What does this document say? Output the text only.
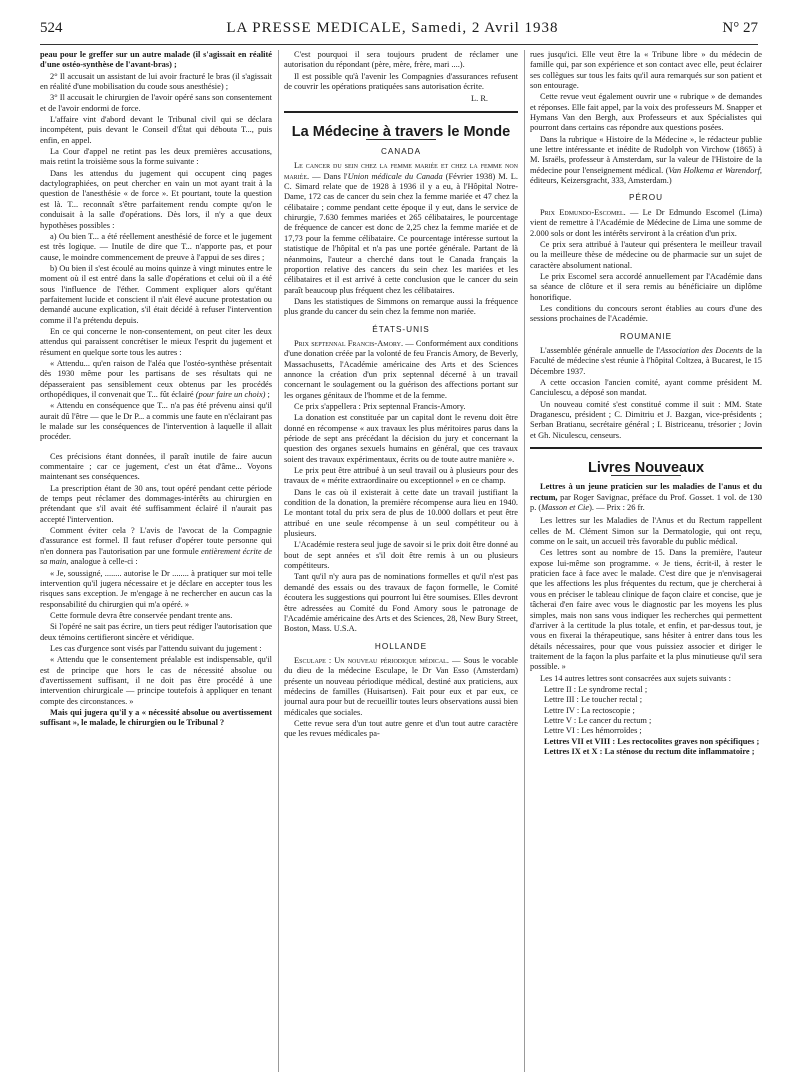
524	LA PRESSE MEDICALE, Samedi, 2 Avril 1938	N° 27

peau pour le greffer sur un autre malade (il s'agissait en réalité d'une ostéo-synthèse de l'avant-bras) ;

2° Il accusait un assistant de lui avoir fracturé le bras (il s'agissait en réalité d'une mobilisation du coude sous anesthésie) ;

3° Il accusait le chirurgien de l'avoir opéré sans son consentement et de l'avoir endormi de force.

L'affaire vint d'abord devant le Tribunal civil qui se déclara incompétent, puis devant le Conseil d'État qui débouta T..., puis enfin, en appel.

La Cour d'appel ne retint pas les deux premières accusations, mais retint la troisième sous la forme suivante :

Dans les attendus du jugement qui occupent cinq pages dactylographiées, on peut chercher en vain un mot ayant trait à la question de l'anesthésie « de force ». Et pourtant, toute la question est là. T... reconnaît s'être parfaitement rendu compte qu'on le conduisait à la salle d'opérations. Dès lors, il n'y a que deux hypothèses possibles :

a) Ou bien T... a été réellement anesthésié de force et le jugement est très logique. — Inutile de dire que T... n'apporte pas, et pour cause, le moindre commencement de preuve à l'appui de ses dires ;

b) Ou bien il s'est écoulé au moins quinze à vingt minutes entre le moment où il est entré dans la salle d'opérations et celui où il a été sous l'influence de l'éther. Comment expliquer alors qu'étant parfaitement lucide et conscient il n'ait élevé aucune protestation ou demandé aucune explication, s'il était décidé à refuser l'intervention comme il l'a prétendu depuis.

En ce qui concerne le non-consentement, on peut citer les deux attendus qui paraissent concrétiser le mieux l'esprit du jugement et résument en quelque sorte tous les autres :

« Attendu... qu'en raison de l'aléa que l'ostéo-synthèse présentait dès 1930 même pour les partisans de ses résultats qui ne dépasseraient pas sensiblement ceux obtenus par les procédés orthopédiques, il convenait que T... fût éclairé (pour faire un choix) ;

« Attendu en conséquence que T... n'a pas été prévenu ainsi qu'il aurait dû l'être — que le Dr P... a commis une faute en n'éclairant pas le malade sur les conséquences de l'intervention à laquelle il allait procéder.

Ces précisions étant données, il paraît inutile de faire aucun commentaire ; car ce jugement, c'est un état d'âme... Voyons maintenant ses conséquences.

La prescription étant de 30 ans, tout opéré pendant cette période de temps peut réclamer des dommages-intérêts au chirurgien en prétendant que s'il avait été suffisamment éclairé il n'aurait pas accepté l'intervention.

Comment éviter cela ? L'avis de l'avocat de la Compagnie d'assurance est formel. Il faut refuser d'opérer toute personne qui n'en donnera pas l'autorisation par une formule entièrement écrite de sa main, analogue à celle-ci :

« Je, soussigné, ........ autorise le Dr ........ à pratiquer sur moi telle intervention qu'il jugera nécessaire et je déclare en accepter tous les risques sans exception. Je m'engage à ne rechercher en aucun cas la responsabilité du chirurgien qui m'a opéré. »

Cette formule devra être conservée pendant trente ans.

Si l'opéré ne sait pas écrire, un tiers peut rédiger l'autorisation que deux témoins certifieront sincère et véridique.

Les cas d'urgence sont visés par l'attendu suivant du jugement :

« Attendu que le consentement préalable est indispensable, qu'il est de principe que hors le cas de nécessité absolue ou d'avertissement suffisant, il ne doit pas être procédé à une intervention chirurgicale — principe toutefois à appliquer en tenant compte des circonstances. »

Mais qui jugera qu'il y a « nécessité absolue ou avertissement suffisant », le malade, le chirurgien ou le Tribunal ?

C'est pourquoi il sera toujours prudent de réclamer une autorisation du répondant (père, mère, frère, mari ....).

Il est possible qu'à l'avenir les Compagnies d'assurances refusent de couvrir les opérations pratiquées sans autorisation écrite.

L. R.
La Médecine à travers le Monde
CANADA

Le cancer du sein chez la femme mariée et chez la femme non mariée. — Dans l'Union médicale du Canada (Février 1938) M. L. C. Simard relate que de 1928 à 1936 il y a eu, à l'Hôpital Notre-Dame, 172 cas de cancer du sein chez la femme mariée et 47 chez la célibataire ; comme pendant cette époque il y eut, dans le service de chirurgie, 7.630 femmes mariées et 265 célibataires, le pourcentage de fréquence de cancer est donc de 2,25 chez la femme mariée et de 17,73 pour la femme célibataire. Ce pourcentage intéresse surtout la statistique de l'hôpital et n'a pas une portée générale. Partant de là néanmoins, l'auteur a cherché dans tout le Canada français la proportion relative des cancers du sein chez les mariées et les célibataires et il est arrivé à cette conclusion que le cancer du sein paraît beaucoup plus fréquent chez les célibataires.

Dans les statistiques de Simmons on remarque aussi la fréquence plus grande du cancer du sein chez la femme non mariée.

ÉTATS-UNIS

Prix septennal Francis-Amory. — Conformément aux conditions d'une donation créée par la volonté de feu Francis Amory, de Beverly, Massachusetts, l'Académie américaine des Arts et des Sciences annonce la création d'un prix septennal décerné à un travail concernant le soulagement ou la guérison des affections portant sur les organes génitaux de l'homme et de la femme.

Ce prix s'appellera : Prix septennal Francis-Amory.

La donation est constituée par un capital dont le revenu doit être donné en récompense « aux travaux les plus méritoires parus dans la période de sept ans précédant la décision du jury et concernant la question des organes sexuels humains en général, que ces travaux soient des travaux expérimentaux, écrits ou de toute autre manière ».

Le prix peut être attribué à un seul travail ou à plusieurs pour des travaux de « mérite extraordinaire ou exceptionnel » en ce champ.

Dans le cas où il existerait à cette date un travail justifiant la condition de la donation, la première récompense aura lieu en 1940. Le montant total du prix sera de plus de 10.000 dollars et peut être attribué en une seule récompense à un seul compétiteur ou à plusieurs.

L'Académie restera seul juge de savoir si le prix doit être donné au bout de sept années et s'il doit être remis à un ou plusieurs compétiteurs.

Tant qu'il n'y aura pas de nominations formelles et qu'il n'est pas demandé des essais ou des travaux de façon formelle, le Comité écoutera les suggestions qui pourront lui être soumises. Elles devront être adressées au Comité du Fond Amory sous le patronage de l'Académie américaine des Arts et des Sciences, 28, New Bury Street, Boston, Mass. U.S.A.

HOLLANDE

Esculape : Un nouveau périodique médical. — Sous le vocable du dieu de la médecine Esculape, le Dr Van Esso (Amsterdam) présente un nouveau périodique médical, destiné aux praticiens, aux médecins de familles (Huisartsen). Fait pour eux et par eux, ce journal aura pour but de recueillir toutes leurs observations aussi bien médicales que sociales.

Cette revue sera d'un tout autre genre et d'un tout autre caractère que les revues médicales pa-

rues jusqu'ici. Elle veut être la « Tribune libre » du médecin de famille qui, par son expérience et son contact avec elle, peut éclairer ses collègues sur tous les faits qu'il aura remarqués sur son patient et son entourage.

Cette revue veut également ouvrir une « rubrique » de demandes et réponses. Elle fait appel, par la voix des professeurs M. Snapper et Hymans Van den Bergh, aux Professeurs et aux Spécialistes qui pourront dans certains cas répondre aux questions posées.

Dans la rubrique « Histoire de la Médecine », le rédacteur publie une lettre intéressante et inédite de Rudolph von Virchow (1865) à M. Israëls, professeur à Amsterdam, sur la valeur de l'Histoire de la médecine pour l'enseignement médical. (Van Holkema et Warendorf, éditeurs, Keizersgracht, 333, Amsterdam.)

PÉROU

Prix Edmundo-Escomel. — Le Dr Edmundo Escomel (Lima) vient de remettre à l'Académie de Médecine de Lima une somme de 2.000 sols or dont les intérêts serviront à la création d'un prix.

Ce prix sera attribué à l'auteur qui présentera le meilleur travail ou la meilleure thèse de médecine ou de pharmacie sur un sujet de caractère absolument national.

Le prix Escomel sera accordé annuellement par l'Académie dans sa séance de clôture et il sera remis au bénéficiaire un diplôme honorifique.

Les conditions du concours seront établies au cours d'une des sessions prochaines de l'Académie.

ROUMANIE

L'assemblée générale annuelle de l'Association des Docents de la Faculté de médecine s'est réunie à l'hôpital Coltzea, à Bucarest, le 15 Décembre 1937.

A cette occasion l'ancien comité, ayant comme président M. Canciulescu, a déposé son mandat.

Un nouveau comité s'est constitué comme il suit : MM. State Draganescu, président ; C. Dimitriu et J. Bazgan, vice-présidents ; Serban Bratianu, secrétaire général ; I. Bistriceanu, trésorier ; Jovin et Gh. Niculescu, censeurs.

Livres Nouveaux

Lettres à un jeune praticien sur les maladies de l'anus et du rectum, par Roger Savignac, préface du Prof. Gosset. 1 vol. de 130 p. (Masson et Cie). — Prix : 26 fr.

Les lettres sur les Maladies de l'Anus et du Rectum rappellent celles de M. Clément Simon sur la Dermatologie, qui ont reçu, comme on le sait, un accueil très favorable du public médical.

Ces lettres sont au nombre de 15. Dans la première, l'auteur expose lui-même son programme. « Je tiens, écrit-il, à rester le praticien face à face avec le malade. C'est dire que je n'envisagerai que les affections les plus fréquentes du rectum, que je chercherai à vous en préciser le tableau clinique de façon claire et concise, que je tâcherai d'en faire avec vous le diagnostic par les moyens les plus simples, mais non sans vous indiquer les recherches qui permettent d'arriver à la certitude la plus totale, et enfin, et par-dessus tout, je vous en fixerai la thérapeutique, sans hésiter à entrer dans tous les détails nécessaires, pour que vous puissiez associer et diriger le traitement de la façon la plus parfaite et la plus minutieuse qu'il sera possible. »

Les 14 autres lettres sont consacrées aux sujets suivants :

Lettre II : Le syndrome rectal ;

Lettre III : Le toucher rectal ;

Lettre IV : La rectoscopie ;

Lettre V : Le cancer du rectum ;

Lettre VI : Les hémorroïdes ;

Lettres VII et VIII : Les rectocolites graves non spécifiques ;

Lettres IX et X : La sténose du rectum dite inflammatoire ;
